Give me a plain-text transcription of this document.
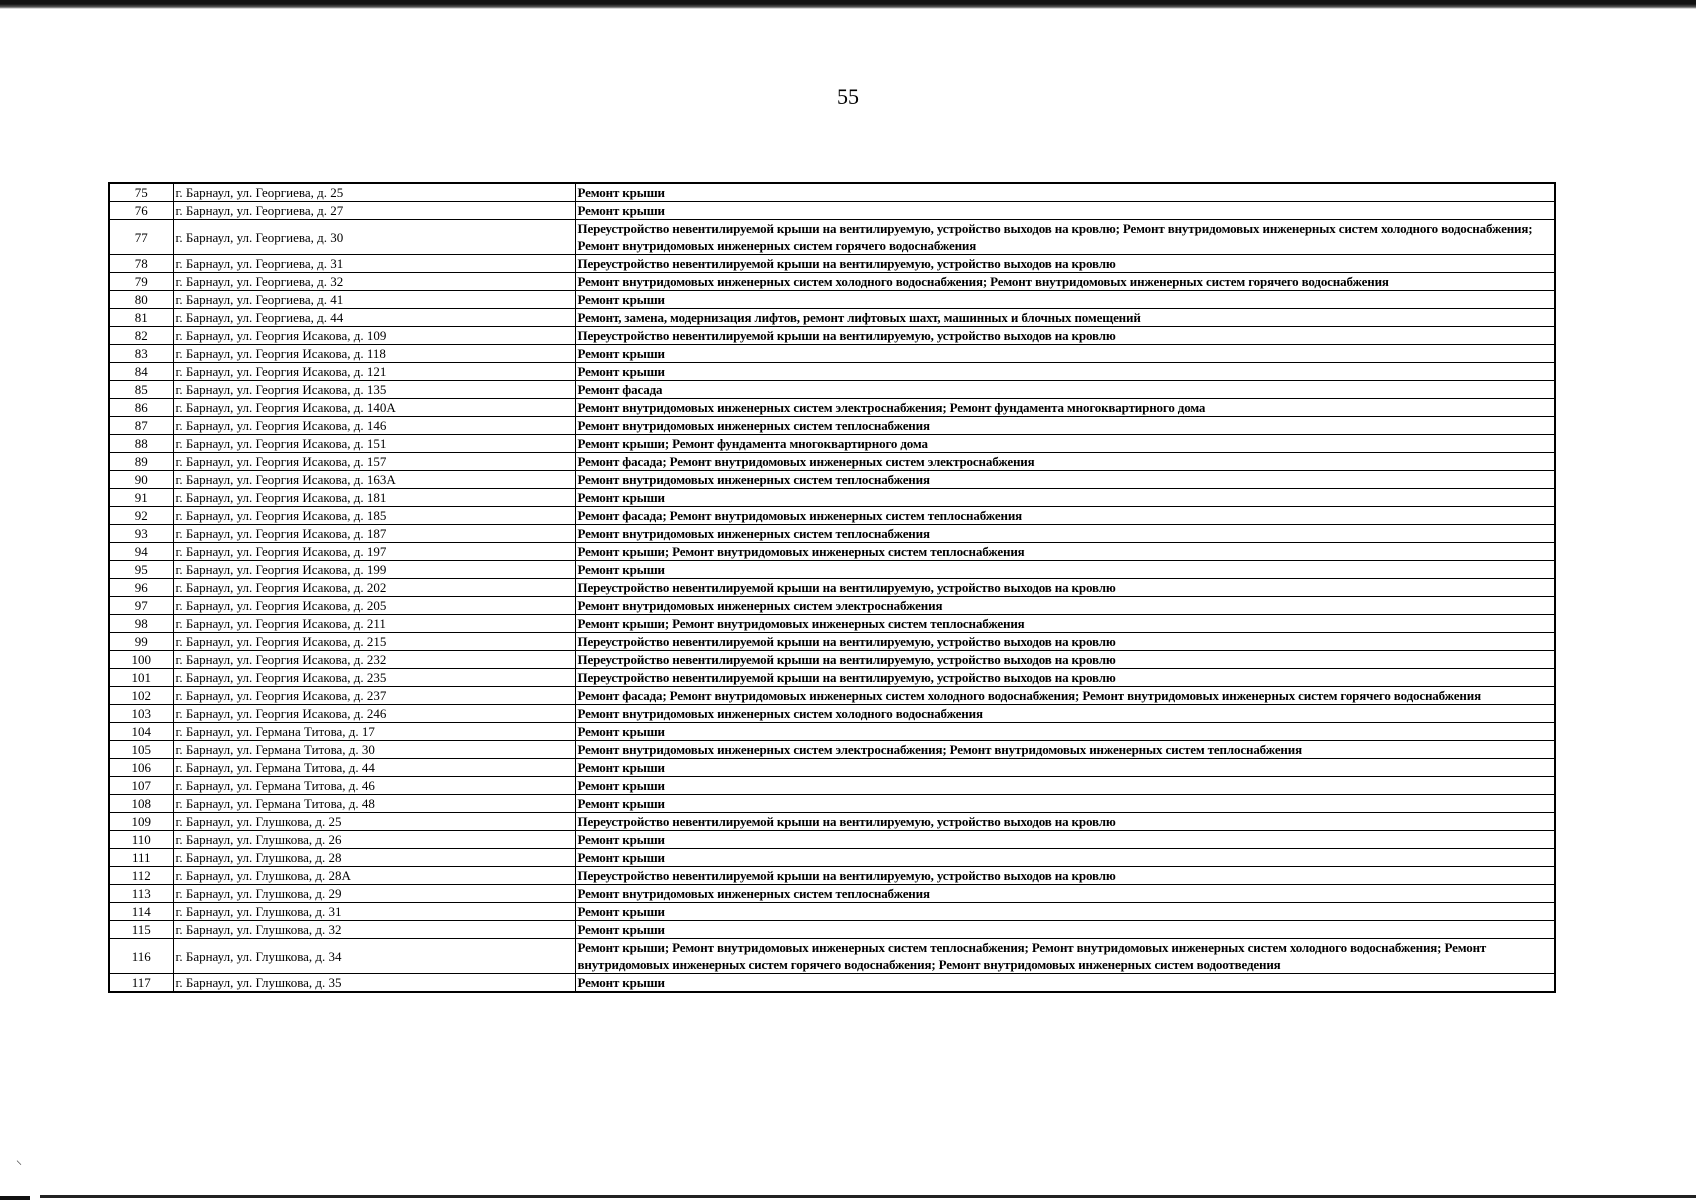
55
75	г. Барнаул, ул. Георгиева, д. 25	Ремонт крыши
76	г. Барнаул, ул. Георгиева, д. 27	Ремонт крыши
77	г. Барнаул, ул. Георгиева, д. 30	Переустройство невентилируемой крыши на вентилируемую, устройство выходов на кровлю; Ремонт внутридомовых инженерных систем холодного водоснабжения; Ремонт внутридомовых инженерных систем горячего водоснабжения
78	г. Барнаул, ул. Георгиева, д. 31	Переустройство невентилируемой крыши на вентилируемую, устройство выходов на кровлю
79	г. Барнаул, ул. Георгиева, д. 32	Ремонт внутридомовых инженерных систем холодного водоснабжения; Ремонт внутридомовых инженерных систем горячего водоснабжения
80	г. Барнаул, ул. Георгиева, д. 41	Ремонт крыши
81	г. Барнаул, ул. Георгиева, д. 44	Ремонт, замена, модернизация лифтов, ремонт лифтовых шахт, машинных и блочных помещений
82	г. Барнаул, ул. Георгия Исакова, д. 109	Переустройство невентилируемой крыши на вентилируемую, устройство выходов на кровлю
83	г. Барнаул, ул. Георгия Исакова, д. 118	Ремонт крыши
84	г. Барнаул, ул. Георгия Исакова, д. 121	Ремонт крыши
85	г. Барнаул, ул. Георгия Исакова, д. 135	Ремонт фасада
86	г. Барнаул, ул. Георгия Исакова, д. 140А	Ремонт внутридомовых инженерных систем электроснабжения; Ремонт фундамента многоквартирного дома
87	г. Барнаул, ул. Георгия Исакова, д. 146	Ремонт внутридомовых инженерных систем теплоснабжения
88	г. Барнаул, ул. Георгия Исакова, д. 151	Ремонт крыши; Ремонт фундамента многоквартирного дома
89	г. Барнаул, ул. Георгия Исакова, д. 157	Ремонт фасада; Ремонт внутридомовых инженерных систем электроснабжения
90	г. Барнаул, ул. Георгия Исакова, д. 163А	Ремонт внутридомовых инженерных систем теплоснабжения
91	г. Барнаул, ул. Георгия Исакова, д. 181	Ремонт крыши
92	г. Барнаул, ул. Георгия Исакова, д. 185	Ремонт фасада; Ремонт внутридомовых инженерных систем теплоснабжения
93	г. Барнаул, ул. Георгия Исакова, д. 187	Ремонт внутридомовых инженерных систем теплоснабжения
94	г. Барнаул, ул. Георгия Исакова, д. 197	Ремонт крыши; Ремонт внутридомовых инженерных систем теплоснабжения
95	г. Барнаул, ул. Георгия Исакова, д. 199	Ремонт крыши
96	г. Барнаул, ул. Георгия Исакова, д. 202	Переустройство невентилируемой крыши на вентилируемую, устройство выходов на кровлю
97	г. Барнаул, ул. Георгия Исакова, д. 205	Ремонт внутридомовых инженерных систем электроснабжения
98	г. Барнаул, ул. Георгия Исакова, д. 211	Ремонт крыши; Ремонт внутридомовых инженерных систем теплоснабжения
99	г. Барнаул, ул. Георгия Исакова, д. 215	Переустройство невентилируемой крыши на вентилируемую, устройство выходов на кровлю
100	г. Барнаул, ул. Георгия Исакова, д. 232	Переустройство невентилируемой крыши на вентилируемую, устройство выходов на кровлю
101	г. Барнаул, ул. Георгия Исакова, д. 235	Переустройство невентилируемой крыши на вентилируемую, устройство выходов на кровлю
102	г. Барнаул, ул. Георгия Исакова, д. 237	Ремонт фасада; Ремонт внутридомовых инженерных систем холодного водоснабжения; Ремонт внутридомовых инженерных систем горячего водоснабжения
103	г. Барнаул, ул. Георгия Исакова, д. 246	Ремонт внутридомовых инженерных систем холодного водоснабжения
104	г. Барнаул, ул. Германа Титова, д. 17	Ремонт крыши
105	г. Барнаул, ул. Германа Титова, д. 30	Ремонт внутридомовых инженерных систем электроснабжения; Ремонт внутридомовых инженерных систем теплоснабжения
106	г. Барнаул, ул. Германа Титова, д. 44	Ремонт крыши
107	г. Барнаул, ул. Германа Титова, д. 46	Ремонт крыши
108	г. Барнаул, ул. Германа Титова, д. 48	Ремонт крыши
109	г. Барнаул, ул. Глушкова, д. 25	Переустройство невентилируемой крыши на вентилируемую, устройство выходов на кровлю
110	г. Барнаул, ул. Глушкова, д. 26	Ремонт крыши
111	г. Барнаул, ул. Глушкова, д. 28	Ремонт крыши
112	г. Барнаул, ул. Глушкова, д. 28А	Переустройство невентилируемой крыши на вентилируемую, устройство выходов на кровлю
113	г. Барнаул, ул. Глушкова, д. 29	Ремонт внутридомовых инженерных систем теплоснабжения
114	г. Барнаул, ул. Глушкова, д. 31	Ремонт крыши
115	г. Барнаул, ул. Глушкова, д. 32	Ремонт крыши
116	г. Барнаул, ул. Глушкова, д. 34	Ремонт крыши; Ремонт внутридомовых инженерных систем теплоснабжения; Ремонт внутридомовых инженерных систем холодного водоснабжения; Ремонт внутридомовых инженерных систем горячего водоснабжения; Ремонт внутридомовых инженерных систем водоотведения
117	г. Барнаул, ул. Глушкова, д. 35	Ремонт крыши
⸌
